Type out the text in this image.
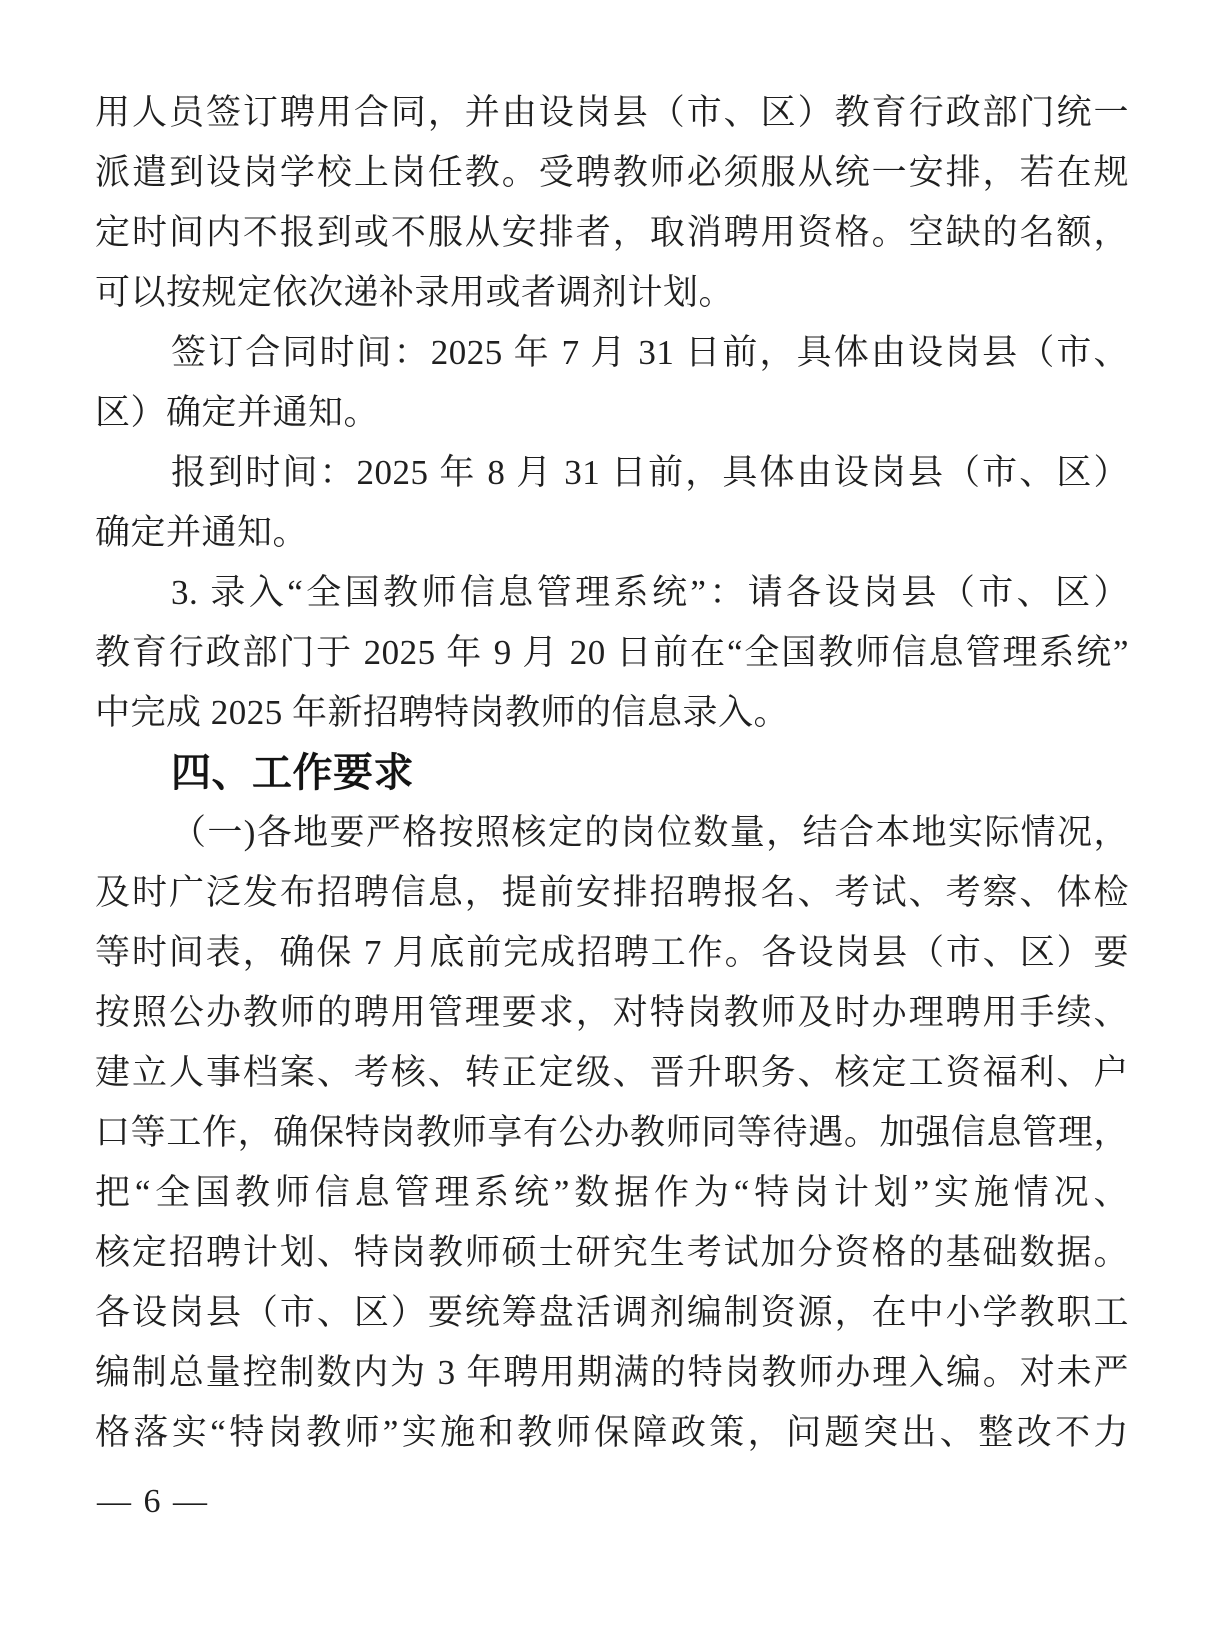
用人员签订聘用合同，并由设岗县（市、区）教育行政部门统一
派遣到设岗学校上岗任教。受聘教师必须服从统一安排，若在规
定时间内不报到或不服从安排者，取消聘用资格。空缺的名额，
可以按规定依次递补录用或者调剂计划。
签订合同时间：2025 年 7 月 31 日前，具体由设岗县（市、
区）确定并通知。
报到时间：2025 年 8 月 31 日前，具体由设岗县（市、区）
确定并通知。
3. 录入“全国教师信息管理系统”：请各设岗县（市、区）
教育行政部门于 2025 年 9 月 20 日前在“全国教师信息管理系统”
中完成 2025 年新招聘特岗教师的信息录入。
四、工作要求
（一)各地要严格按照核定的岗位数量，结合本地实际情况，
及时广泛发布招聘信息，提前安排招聘报名、考试、考察、体检
等时间表，确保 7 月底前完成招聘工作。各设岗县（市、区）要
按照公办教师的聘用管理要求，对特岗教师及时办理聘用手续、
建立人事档案、考核、转正定级、晋升职务、核定工资福利、户
口等工作，确保特岗教师享有公办教师同等待遇。加强信息管理，
把“全国教师信息管理系统”数据作为“特岗计划”实施情况、
核定招聘计划、特岗教师硕士研究生考试加分资格的基础数据。
各设岗县（市、区）要统筹盘活调剂编制资源，在中小学教职工
编制总量控制数内为 3 年聘用期满的特岗教师办理入编。对未严
格落实“特岗教师”实施和教师保障政策，问题突出、整改不力
— 6 —
